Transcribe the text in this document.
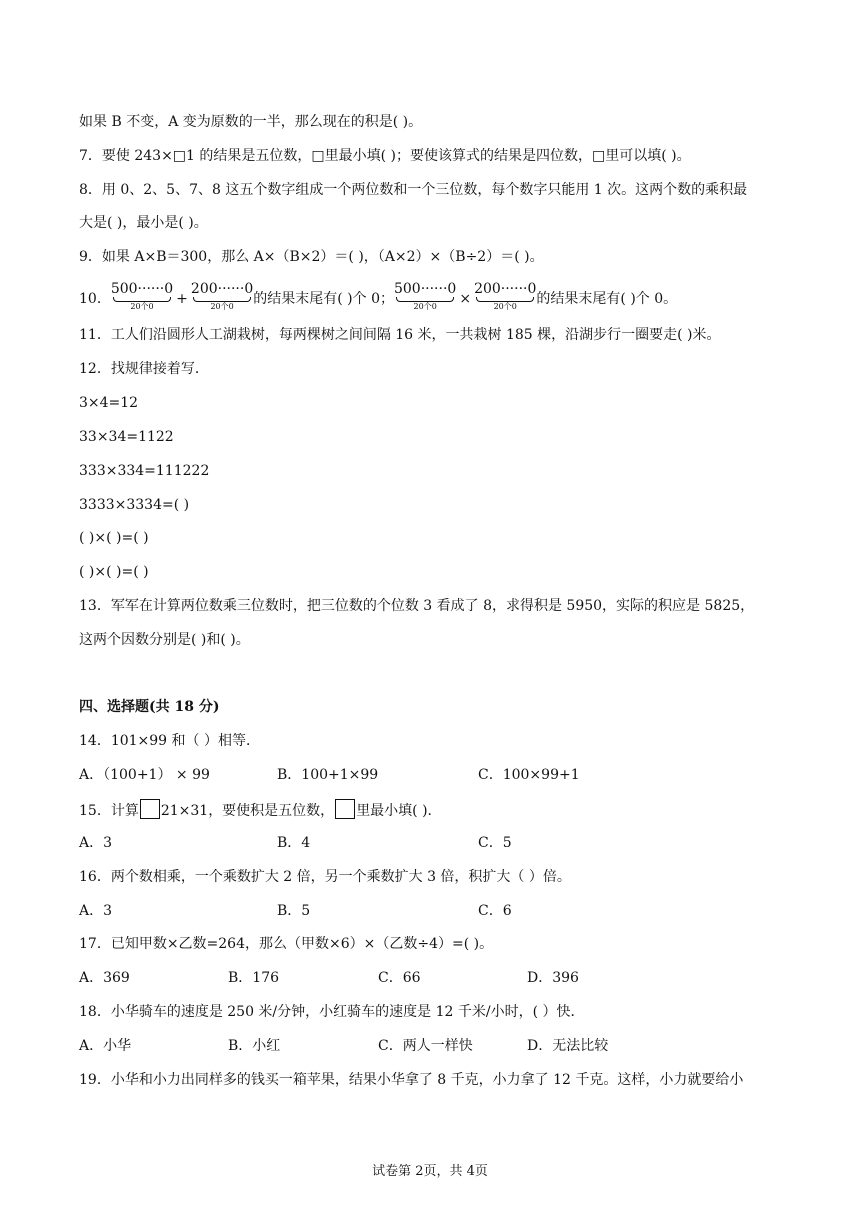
如果 B 不变，A 变为原数的一半，那么现在的积是( )。
7．要使 243×□1 的结果是五位数，□里最小填( )；要使该算式的结果是四位数，□里可以填( )。
8．用 0、2、5、7、8 这五个数字组成一个两位数和一个三位数，每个数字只能用 1 次。这两个数的乘积最
大是( )，最小是( )。
9．如果 A×B＝300，那么 A×（B×2）＝( )，（A×2）×（B÷2）＝( )。
10．
500······0
20个0	+
200······0
20个0	的结果末尾有( )个 0；
500······0
20个0	×
200······0
20个0	的结果末尾有( )个 0。
11．工人们沿圆形人工湖栽树，每两棵树之间间隔 16 米，一共栽树 185 棵，沿湖步行一圈要走( )米。
12．找规律接着写．
3×4=12
33×34=1122
333×334=111222
3333×3334=( )
( )×( )=( )
( )×( )=( )
13．军军在计算两位数乘三位数时，把三位数的个位数 3 看成了 8，求得积是 5950，实际的积应是 5825，
这两个因数分别是( )和( )。
四、选择题(共 18 分)
14．101×99 和（ ）相等．
A．（100+1） × 99	B．100+1×99	C．100×99+1
15．计算 21×31，要使积是五位数， 里最小填( )．
A．3	B．4	C．5
16．两个数相乘，一个乘数扩大 2 倍，另一个乘数扩大 3 倍，积扩大（ ）倍。
A．3	B．5	C．6
17．已知甲数×乙数=264，那么（甲数×6）×（乙数÷4）=( )。
A．369	B．176	C．66	D．396
18．小华骑车的速度是 250 米/分钟，小红骑车的速度是 12 千米/小时，( ）快．
A．小华	B．小红	C．两人一样快	D．无法比较
19．小华和小力出同样多的钱买一箱苹果，结果小华拿了 8 千克，小力拿了 12 千克。这样，小力就要给小
试卷第 2页，共 4页
